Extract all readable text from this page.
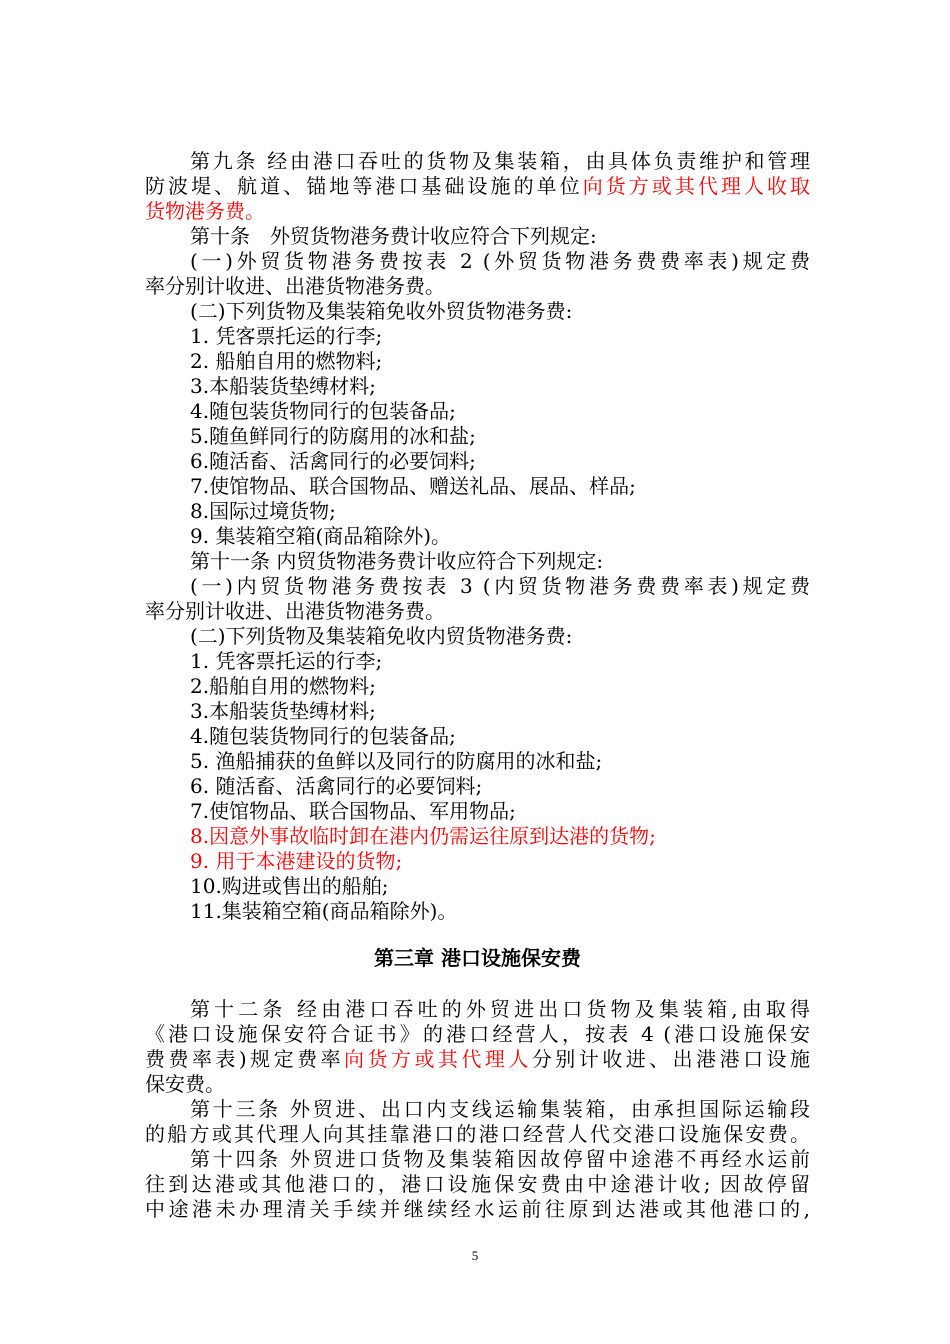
第九条 经由港口吞吐的货物及集装箱，由具体负责维护和管理
防波堤、航道、锚地等港口基础设施的单位向货方或其代理人收取
货物港务费。
第十条　外贸货物港务费计收应符合下列规定:
(一)外贸货物港务费按表 2 (外贸货物港务费费率表)规定费
率分别计收进、出港货物港务费。
(二)下列货物及集装箱免收外贸货物港务费:
1. 凭客票托运的行李;
2. 船舶自用的燃物料;
3.本船装货垫缚材料;
4.随包装货物同行的包装备品;
5.随鱼鲜同行的防腐用的冰和盐;
6.随活畜、活禽同行的必要饲料;
7.使馆物品、联合国物品、赠送礼品、展品、样品;
8.国际过境货物;
9. 集装箱空箱(商品箱除外)。
第十一条 内贸货物港务费计收应符合下列规定:
(一)内贸货物港务费按表 3 (内贸货物港务费费率表)规定费
率分别计收进、出港货物港务费。
(二)下列货物及集装箱免收内贸货物港务费:
1. 凭客票托运的行李;
2.船舶自用的燃物料;
3.本船装货垫缚材料;
4.随包装货物同行的包装备品;
5. 渔船捕获的鱼鲜以及同行的防腐用的冰和盐;
6. 随活畜、活禽同行的必要饲料;
7.使馆物品、联合国物品、军用物品;
8.因意外事故临时卸在港内仍需运往原到达港的货物;
9. 用于本港建设的货物;
10.购进或售出的船舶;
11.集装箱空箱(商品箱除外)。
第三章 港口设施保安费
第十二条 经由港口吞吐的外贸进出口货物及集装箱,由取得
《港口设施保安符合证书》的港口经营人，按表 4 (港口设施保安
费费率表)规定费率向货方或其代理人分别计收进、出港港口设施
保安费。
第十三条 外贸进、出口内支线运输集装箱，由承担国际运输段
的船方或其代理人向其挂靠港口的港口经营人代交港口设施保安费。
第十四条 外贸进口货物及集装箱因故停留中途港不再经水运前
往到达港或其他港口的，港口设施保安费由中途港计收; 因故停留
中途港未办理清关手续并继续经水运前往原到达港或其他港口的,
5
